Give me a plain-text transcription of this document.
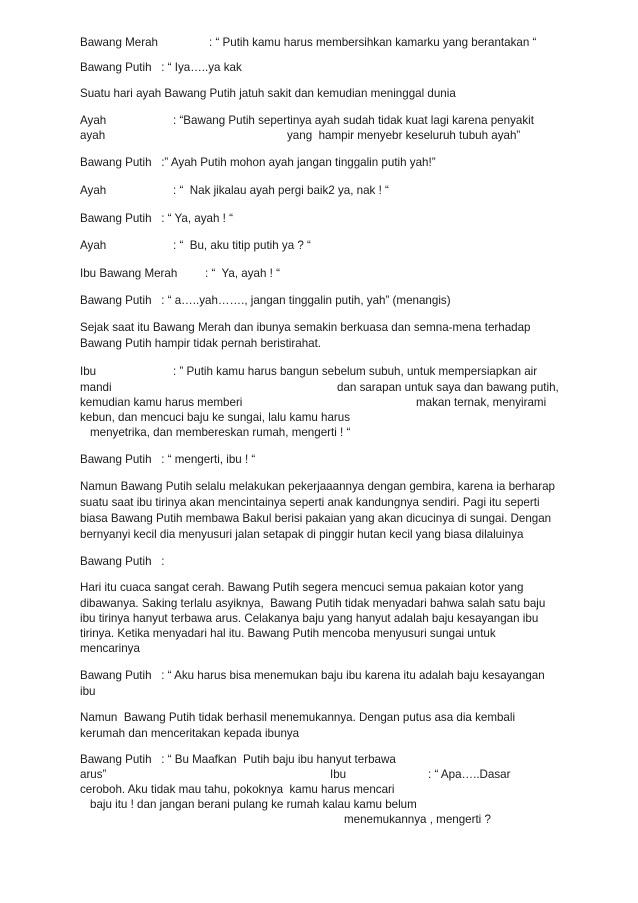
Bawang Merah	: “ Putih kamu harus membersihkan kamarku yang berantakan “
Bawang Putih   : “ Iya…..ya kak
Suatu hari ayah Bawang Putih jatuh sakit dan kemudian meninggal dunia
Ayah	: “Bawang Putih sepertinya ayah sudah tidak kuat lagi karena penyakit
ayah	yang  hampir menyebr keseluruh tubuh ayah”
Bawang Putih   :” Ayah Putih mohon ayah jangan tinggalin putih yah!”
Ayah	: “  Nak jikalau ayah pergi baik2 ya, nak ! “
Bawang Putih   : “ Ya, ayah ! “
Ayah	: “  Bu, aku titip putih ya ? “
Ibu Bawang Merah : “  Ya, ayah ! “
Bawang Putih   : “ a…..yah……., jangan tinggalin putih, yah” (menangis)
Sejak saat itu Bawang Merah dan ibunya semakin berkuasa dan semna-mena terhadap
Bawang Putih hampir tidak pernah beristirahat.
Ibu	: ” Putih kamu harus bangun sebelum subuh, untuk mempersiapkan air
mandi	dan sarapan untuk saya dan bawang putih,
kemudian kamu harus memberi	makan ternak, menyirami
kebun, dan mencuci baju ke sungai, lalu kamu harus
menyetrika, dan membereskan rumah, mengerti ! “
Bawang Putih   : “ mengerti, ibu ! “
Namun Bawang Putih selalu melakukan pekerjaaannya dengan gembira, karena ia berharap
suatu saat ibu tirinya akan mencintainya seperti anak kandungnya sendiri. Pagi itu seperti
biasa Bawang Putih membawa Bakul berisi pakaian yang akan dicucinya di sungai. Dengan
bernyanyi kecil dia menyusuri jalan setapak di pinggir hutan kecil yang biasa dilaluinya
Bawang Putih   :
Hari itu cuaca sangat cerah. Bawang Putih segera mencuci semua pakaian kotor yang
dibawanya. Saking terlalu asyiknya,  Bawang Putih tidak menyadari bahwa salah satu baju
ibu tirinya hanyut terbawa arus. Celakanya baju yang hanyut adalah baju kesayangan ibu
tirinya. Ketika menyadari hal itu. Bawang Putih mencoba menyusuri sungai untuk
mencarinya
Bawang Putih   : “ Aku harus bisa menemukan baju ibu karena itu adalah baju kesayangan
ibu
Namun  Bawang Putih tidak berhasil menemukannya. Dengan putus asa dia kembali
kerumah dan menceritakan kepada ibunya
Bawang Putih   : “ Bu Maafkan  Putih baju ibu hanyut terbawa
arus”	Ibu	: “ Apa…..Dasar
ceroboh. Aku tidak mau tahu, pokoknya  kamu harus mencari
baju itu ! dan jangan berani pulang ke rumah kalau kamu belum
menemukannya , mengerti ?
